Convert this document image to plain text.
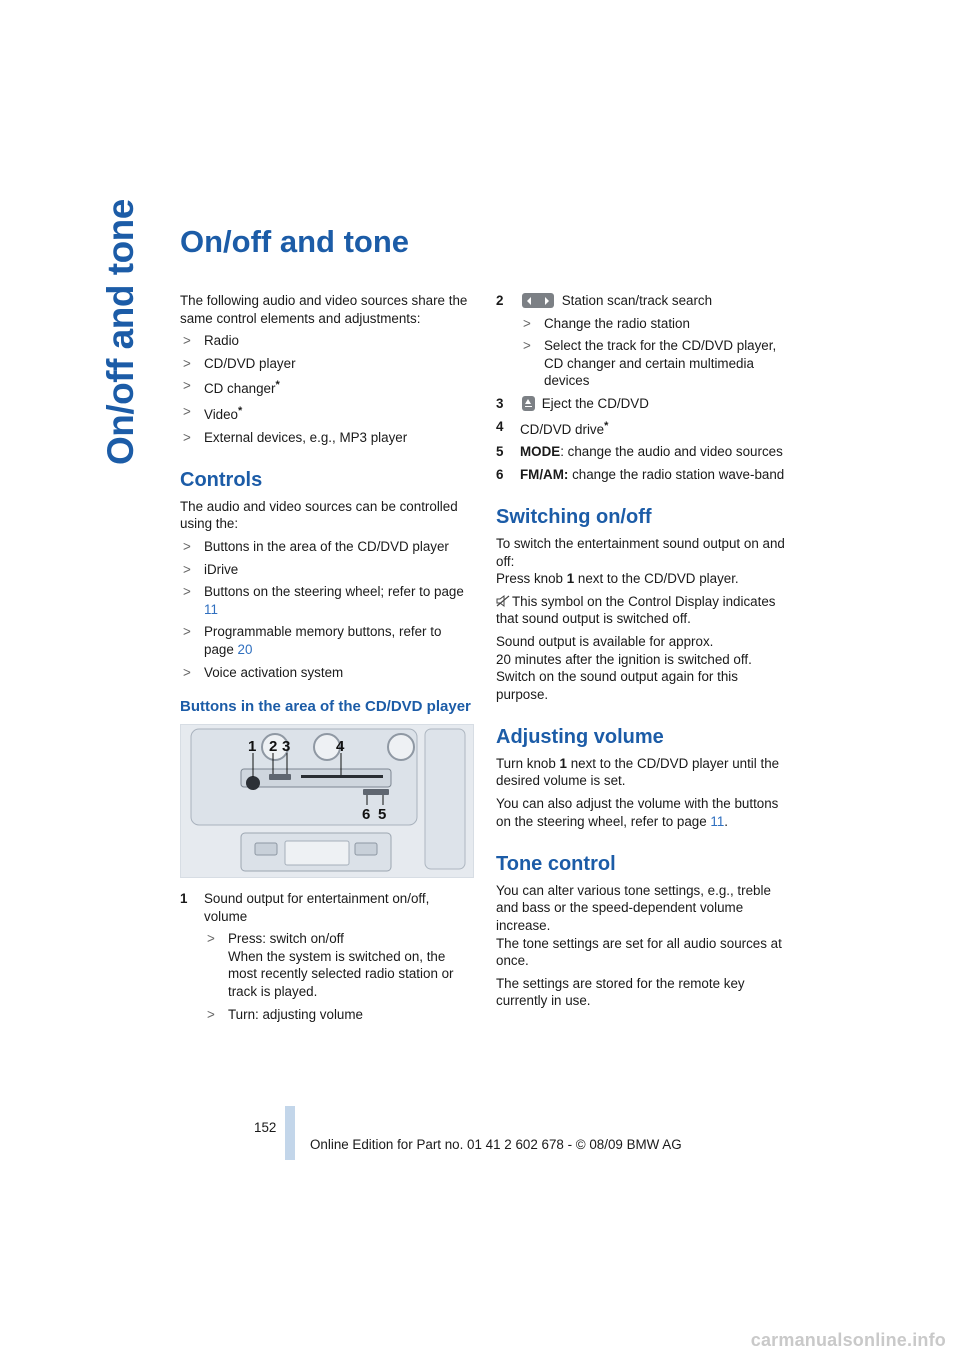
On/off and tone On/off and tone

The following audio and video sources share the same control elements and adjustments:

> Radio
> CD/DVD player
> CD changer*
> Video*
> External devices, e.g., MP3 player
Controls

The audio and video sources can be controlled using the:

> Buttons in the area of the CD/DVD player
> iDrive
> Buttons on the steering wheel; refer to page 11
> Programmable memory buttons, refer to page 20
> Voice activation system
Buttons in the area of the CD/DVD player
1 2 3	4
6 5
1 Sound output for entertainment on/off, volume
> Press: switch on/off
When the system is switched on, the most recently selected radio station or track is played.
> Turn: adjusting volume
2	Station scan/track search
> Change the radio station
> Select the track for the CD/DVD player, CD changer and certain multimedia devices
3	Eject the CD/DVD
4 CD/DVD drive*
5 MODE: change the audio and video sources
6 FM/AM: change the radio station wave-band
Switching on/off

To switch the entertainment sound output on and off:
Press knob 1 next to the CD/DVD player.

This symbol on the Control Display indicates that sound output is switched off.

Sound output is available for approx.
20 minutes after the ignition is switched off. Switch on the sound output again for this purpose.

Adjusting volume

Turn knob 1 next to the CD/DVD player until the desired volume is set.

You can also adjust the volume with the buttons on the steering wheel, refer to page 11.

Tone control

You can alter various tone settings, e.g., treble and bass or the speed-dependent volume increase.
The tone settings are set for all audio sources at once.

The settings are stored for the remote key currently in use.

152
Online Edition for Part no. 01 41 2 602 678 - © 08/09 BMW AG
carmanualsonline.info
